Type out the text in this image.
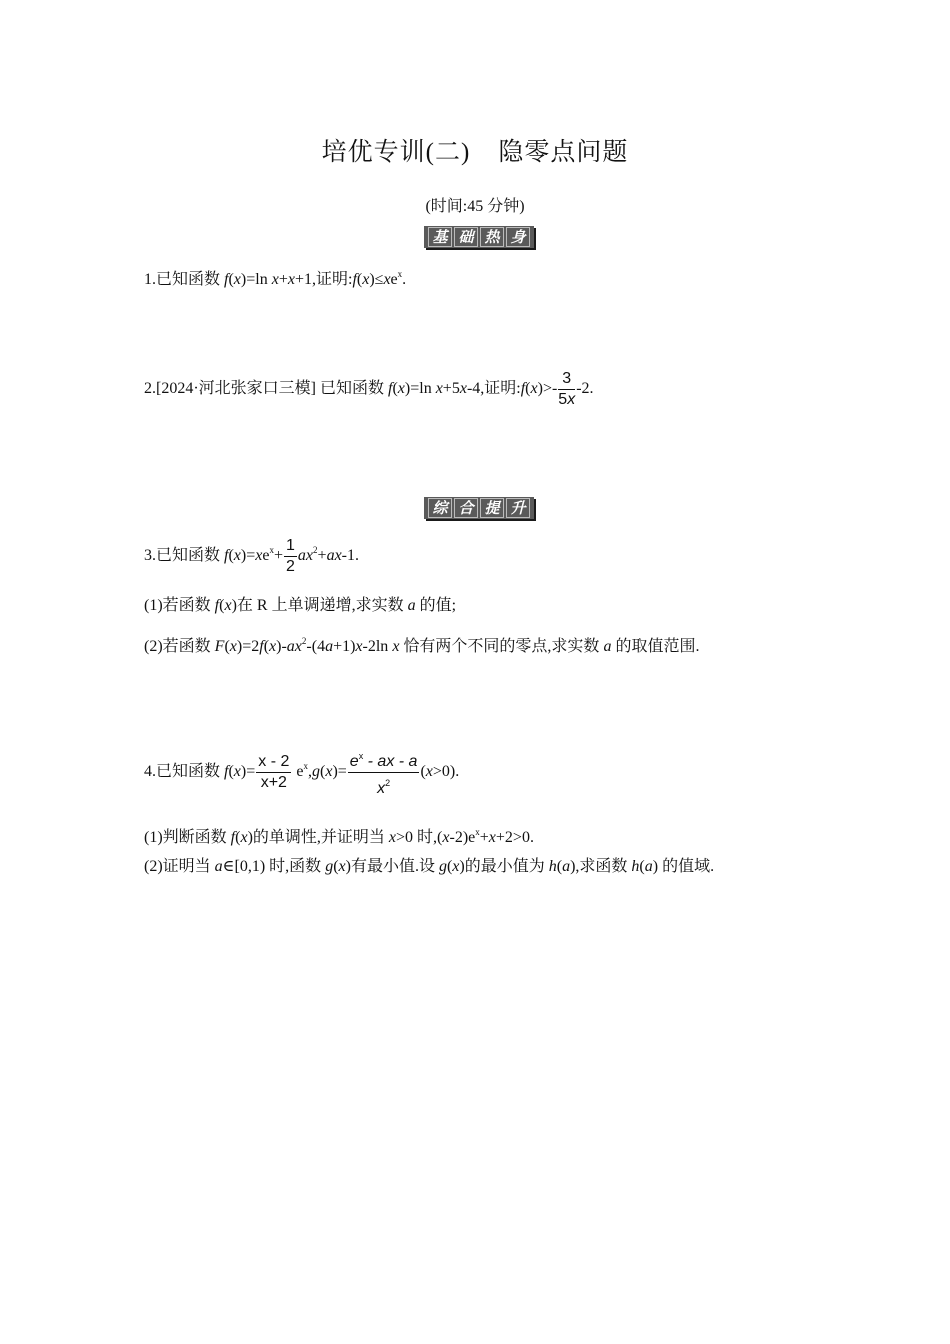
培优专训(二) 隐零点问题
(时间:45 分钟)
基 础 热 身
1.已知函数 f(x)=ln x+x+1,证明$:f(x)\le xe^x$.
2.[2024·河北张家口三模] 已知函数 f(x)=ln x+5x-4,证明:f(x)>- $\frac{3}{5x} -2$.
综 合 提 升
3.已知函数 $f(x)=xe^x+ \frac{1}{2} ax^2+ax-1$.
(1)若函数 f(x)在 R 上单调递增,求实数 a 的值;
(2)若函数 $F(x)=2f(x)-ax^2-(4a+1)x-2\ln$ x 恰有两个不同的零点,求实数 a 的取值范围.
4.已知函数 $f(x)= \frac{x - 2}{x+2} e^x,g(x)= \frac{e^x - ax - a}{x^2} (x>0)$.
(1)判断函数 f(x)的单调性,并证明当 x>0 时$,(x-2)e^x+x+2>0$.
(2)证明当 a∈[0,1) 时,函数 g(x)有最小值.设 g(x)的最小值为 h(a),求函数 h(a) 的值域.
